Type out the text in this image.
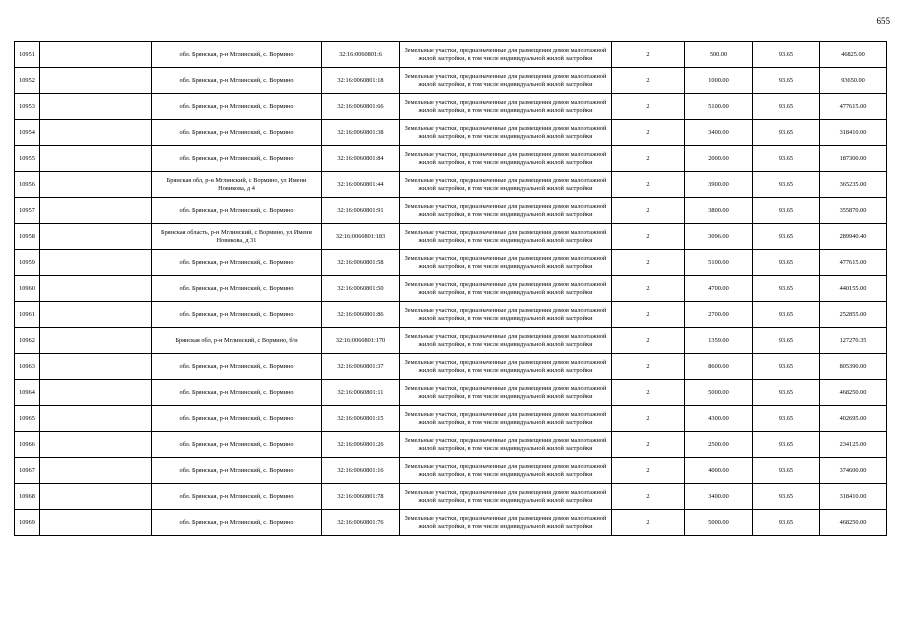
655
10951		обл. Брянская, р-н Мглинский, с. Вормино	32:16:0060801:6	Земельные участки, предназначенные для размещения домов малоэтажной жилой застройки, в том числе индивидуальной жилой застройки	2	500.00	93.65	46825.00
10952		обл. Брянская, р-н Мглинский, с. Вормино	32:16:0060801:18	Земельные участки, предназначенные для размещения домов малоэтажной жилой застройки, в том числе индивидуальной жилой застройки	2	1000.00	93.65	93650.00
10953		обл. Брянская, р-н Мглинский, с. Вормино	32:16:0060801:66	Земельные участки, предназначенные для размещения домов малоэтажной жилой застройки, в том числе индивидуальной жилой застройки	2	5100.00	93.65	477615.00
10954		обл. Брянская, р-н Мглинский, с. Вормино	32:16:0060801:38	Земельные участки, предназначенные для размещения домов малоэтажной жилой застройки, в том числе индивидуальной жилой застройки	2	3400.00	93.65	318410.00
10955		обл. Брянская, р-н Мглинский, с. Вормино	32:16:0060801:84	Земельные участки, предназначенные для размещения домов малоэтажной жилой застройки, в том числе индивидуальной жилой застройки	2	2000.00	93.65	187300.00
10956		Брянская обл, р-н Мглинский, с Вормино, ул Имени Новикова, д 4	32:16:0060801:44	Земельные участки, предназначенные для размещения домов малоэтажной жилой застройки, в том числе индивидуальной жилой застройки	2	3900.00	93.65	365235.00
10957		обл. Брянская, р-н Мглинский, с. Вормино	32:16:0060801:91	Земельные участки, предназначенные для размещения домов малоэтажной жилой застройки, в том числе индивидуальной жилой застройки	2	3800.00	93.65	355870.00
10958		Брянская область, р-н Мглинский, с Вормино, ул Имени Новикова, д 31	32:16:0060801:183	Земельные участки, предназначенные для размещения домов малоэтажной жилой застройки, в том числе индивидуальной жилой застройки	2	3096.00	93.65	289940.40
10959		обл. Брянская, р-н Мглинский, с. Вормино	32:16:0060801:58	Земельные участки, предназначенные для размещения домов малоэтажной жилой застройки, в том числе индивидуальной жилой застройки	2	5100.00	93.65	477615.00
10960		обл. Брянская, р-н Мглинский, с. Вормино	32:16:0060801:50	Земельные участки, предназначенные для размещения домов малоэтажной жилой застройки, в том числе индивидуальной жилой застройки	2	4700.00	93.65	440155.00
10961		обл. Брянская, р-н Мглинский, с. Вормино	32:16:0060801:86	Земельные участки, предназначенные для размещения домов малоэтажной жилой застройки, в том числе индивидуальной жилой застройки	2	2700.00	93.65	252855.00
10962		Брянская обл, р-н Мглинский, с Вормино, б/н	32:16:0060801:170	Земельные участки, предназначенные для размещения домов малоэтажной жилой застройки, в том числе индивидуальной жилой застройки	2	1359.00	93.65	127270.35
10963		обл. Брянская, р-н Мглинский, с. Вормино	32:16:0060801:37	Земельные участки, предназначенные для размещения домов малоэтажной жилой застройки, в том числе индивидуальной жилой застройки	2	8600.00	93.65	805390.00
10964		обл. Брянская, р-н Мглинский, с. Вормино	32:16:0060801:11	Земельные участки, предназначенные для размещения домов малоэтажной жилой застройки, в том числе индивидуальной жилой застройки	2	5000.00	93.65	468250.00
10965		обл. Брянская, р-н Мглинский, с. Вормино	32:16:0060801:15	Земельные участки, предназначенные для размещения домов малоэтажной жилой застройки, в том числе индивидуальной жилой застройки	2	4300.00	93.65	402695.00
10966		обл. Брянская, р-н Мглинский, с. Вормино	32:16:0060801:26	Земельные участки, предназначенные для размещения домов малоэтажной жилой застройки, в том числе индивидуальной жилой застройки	2	2500.00	93.65	234125.00
10967		обл. Брянская, р-н Мглинский, с. Вормино	32:16:0060801:16	Земельные участки, предназначенные для размещения домов малоэтажной жилой застройки, в том числе индивидуальной жилой застройки	2	4000.00	93.65	374600.00
10968		обл. Брянская, р-н Мглинский, с. Вормино	32:16:0060801:78	Земельные участки, предназначенные для размещения домов малоэтажной жилой застройки, в том числе индивидуальной жилой застройки	2	3400.00	93.65	318410.00
10969		обл. Брянская, р-н Мглинский, с. Вормино	32:16:0060801:76	Земельные участки, предназначенные для размещения домов малоэтажной жилой застройки, в том числе индивидуальной жилой застройки	2	5000.00	93.65	468250.00
